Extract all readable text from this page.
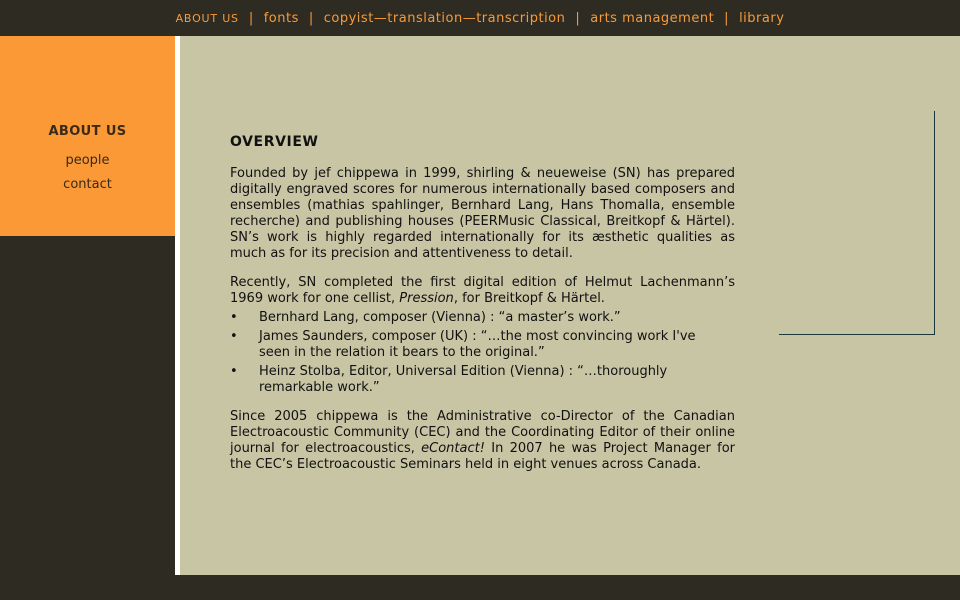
ABOUT US | fonts | copyist—translation—transcription | arts management | library
ABOUT US
people
contact
OVERVIEW

Founded by jef chippewa in 1999, shirling & neueweise (SN) has prepared digitally engraved scores for numerous internationally based composers and ensembles (mathias spahlinger, Bernhard Lang, Hans Thomalla, ensemble recherche) and publishing houses (PEERMusic Classical, Breitkopf & Härtel). SN’s work is highly regarded internationally for its æsthetic qualities as much as for its precision and attentiveness to detail.

Recently, SN completed the first digital edition of Helmut Lachenmann’s 1969 work for one cellist, Pression, for Breitkopf & Härtel.

• Bernhard Lang, composer (Vienna) : “a master’s work.”
• James Saunders, composer (UK) : “…the most convincing work I've seen in the relation it bears to the original.”
• Heinz Stolba, Editor, Universal Edition (Vienna) : “…thoroughly remarkable work.”

Since 2005 chippewa is the Administrative co-Director of the Canadian Electroacoustic Community (CEC) and the Coordinating Editor of their online journal for electroacoustics, eContact! In 2007 he was Project Manager for the CEC’s Electroacoustic Seminars held in eight venues across Canada.
